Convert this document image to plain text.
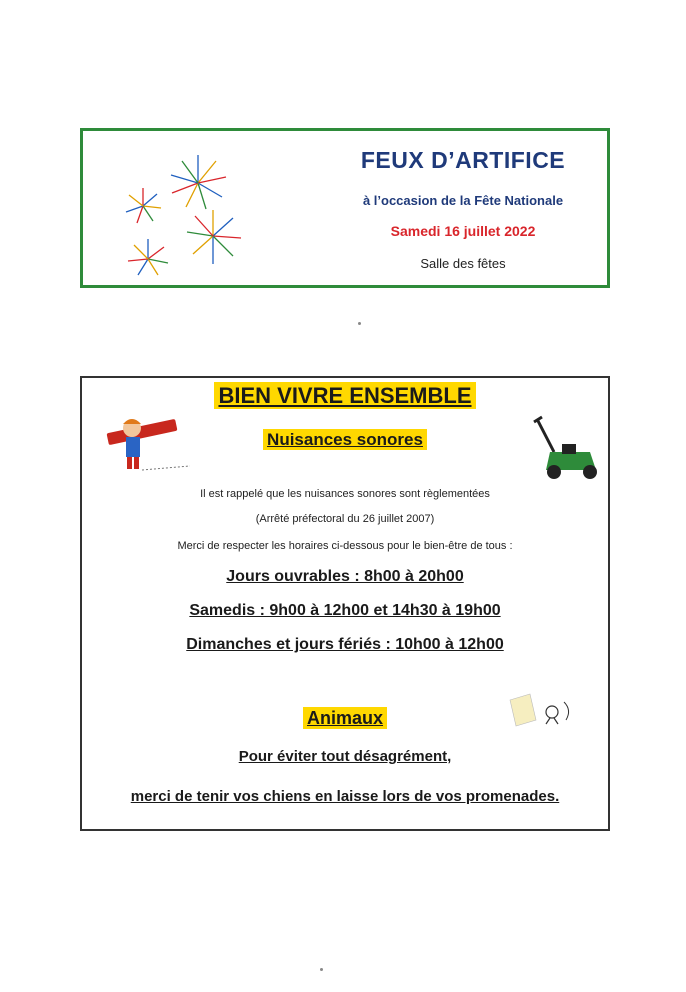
FEUX D’ARTIFICE
à l’occasion de la Fête Nationale
Samedi 16 juillet 2022
Salle des fêtes
BIEN VIVRE ENSEMBLE
Nuisances sonores
Il est rappelé que les nuisances sonores sont règlementées
(Arrêté préfectoral du 26 juillet 2007)
Merci de respecter les horaires ci-dessous pour le bien-être de tous :
Jours ouvrables : 8h00 à 20h00
Samedis : 9h00 à 12h00 et 14h30 à 19h00
Dimanches et jours fériés : 10h00 à 12h00
Animaux
Pour éviter tout désagrément,
merci de tenir vos chiens en laisse lors de vos promenades.
